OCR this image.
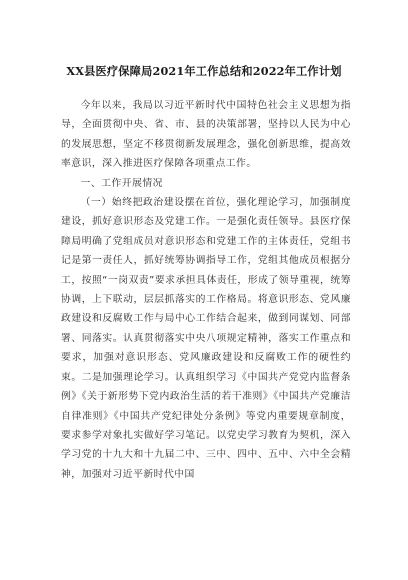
XX县医疗保障局2021年工作总结和2022年工作计划

今年以来，我局以习近平新时代中国特色社会主义思想为指导，全面贯彻中央、省、市、县的决策部署，坚持以人民为中心的发展思想，坚定不移贯彻新发展理念，强化创新思维，提高效率意识，深入推进医疗保障各项重点工作。

一、工作开展情况

（一）始终把政治建设摆在首位，强化理论学习，加强制度建设，抓好意识形态及党建工作。一是强化责任领导。县医疗保障局明确了党组成员对意识形态和党建工作的主体责任，党组书记是第一责任人，抓好统筹协调指导工作，党组其他成员根据分工，按照“一岗双责”要求承担具体责任，形成了领导重视，统筹协调，上下联动，层层抓落实的工作格局。将意识形态、党风廉政建设和反腐败工作与局中心工作结合起来，做到同谋划、同部署、同落实。认真贯彻落实中央八项规定精神，落实工作重点和要求，加强对意识形态、党风廉政建设和反腐败工作的硬性约束。二是加强理论学习。认真组织学习《中国共产党党内监督条例》《关于新形势下党内政治生活的若干准则》《中国共产党廉洁自律准则》《中国共产党纪律处分条例》等党内重要规章制度，要求参学对象扎实做好学习笔记。以党史学习教育为契机，深入学习党的十九大和十九届二中、三中、四中、五中、六中全会精神，加强对习近平新时代中国
